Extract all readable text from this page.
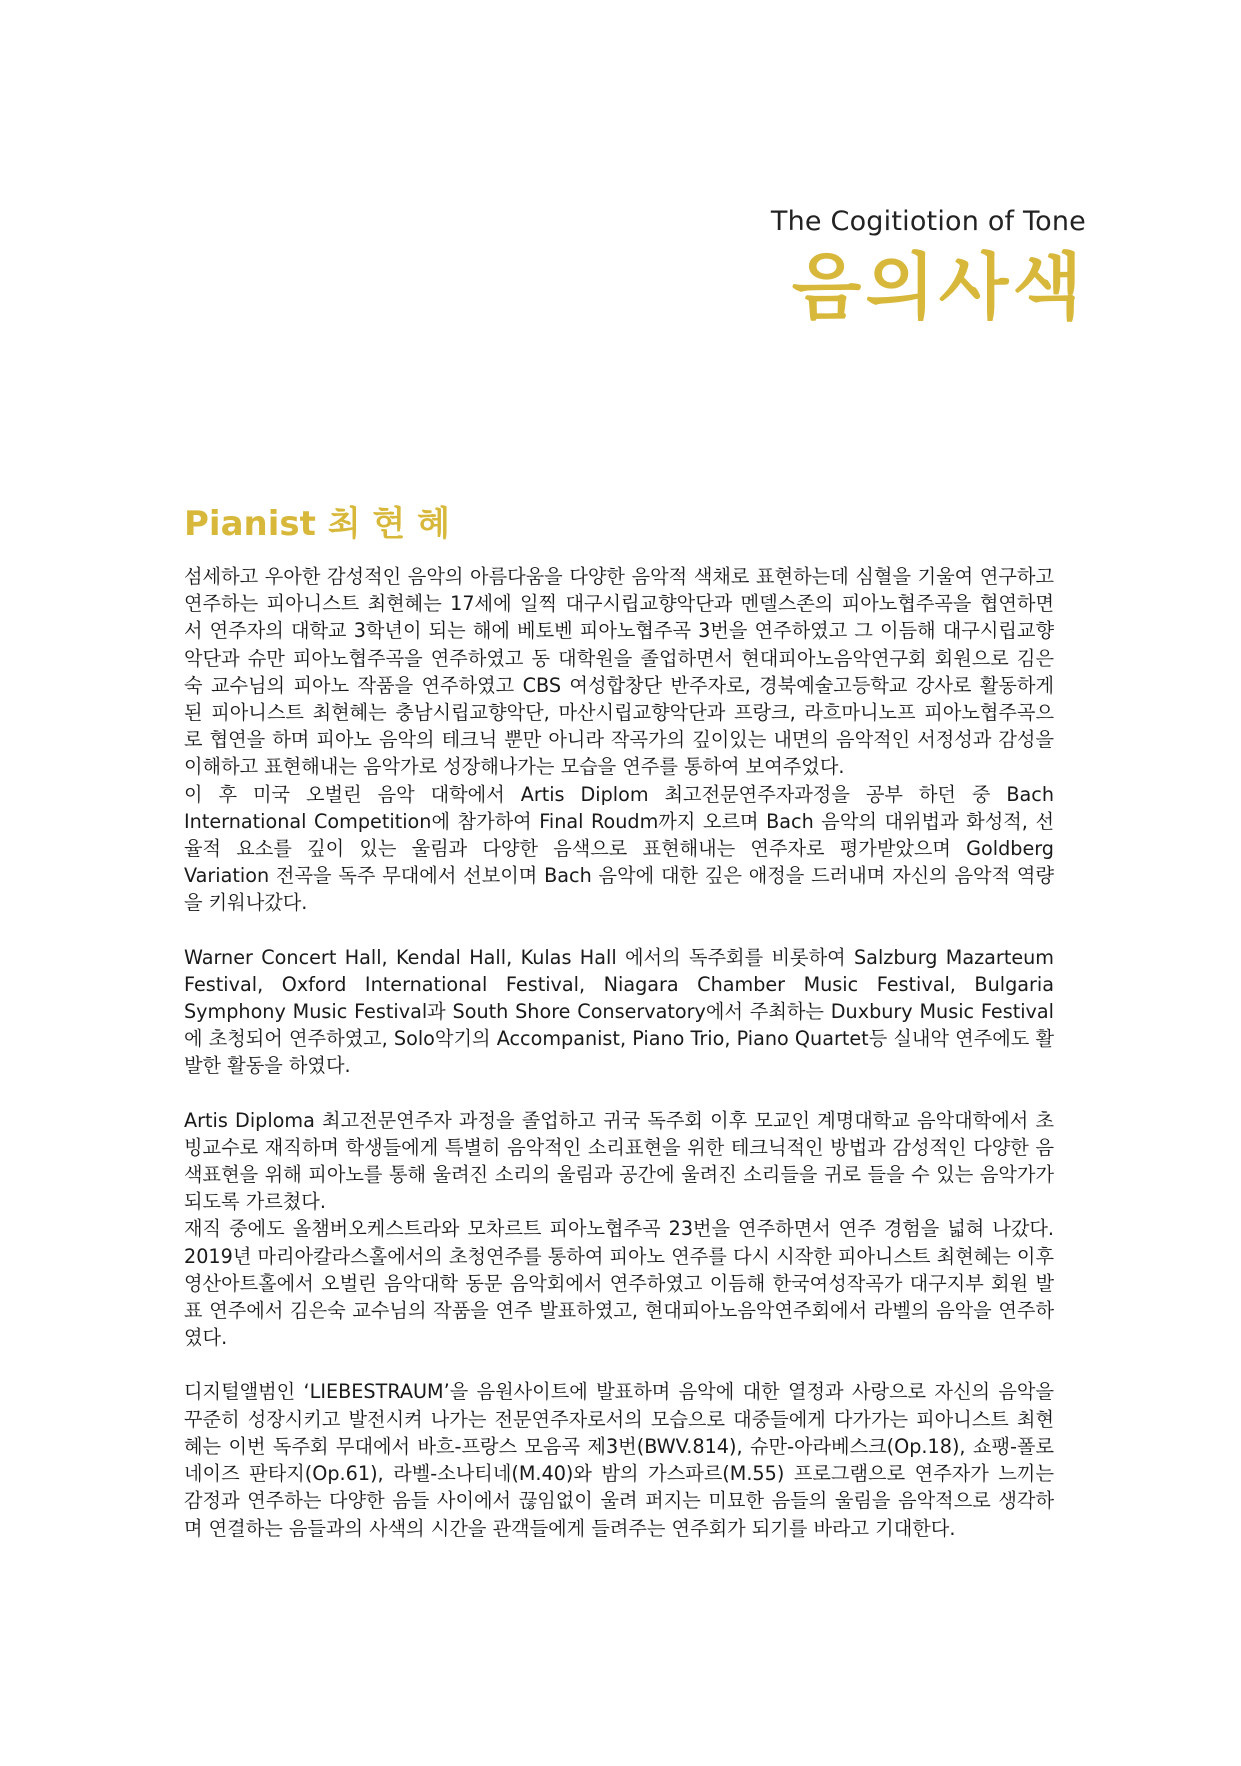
The Cogitiotion of Tone
음의사색
Pianist 최 현 혜

섬세하고 우아한 감성적인 음악의 아름다움을 다양한 음악적 색채로 표현하는데 심혈을 기울여 연구하고 연주하는 피아니스트 최현혜는 17세에 일찍 대구시립교향악단과 멘델스존의 피아노협주곡을 협연하면서 연주자의 대학교 3학년이 되는 해에 베토벤 피아노협주곡 3번을 연주하였고 그 이듬해 대구시립교향악단과 슈만 피아노협주곡을 연주하였고 동 대학원을 졸업하면서 현대피아노음악연구회 회원으로 김은숙 교수님의 피아노 작품을 연주하였고 CBS 여성합창단 반주자로, 경북예술고등학교 강사로 활동하게 된 피아니스트 최현혜는 충남시립교향악단, 마산시립교향악단과 프랑크, 라흐마니노프 피아노협주곡으로 협연을 하며 피아노 음악의 테크닉 뿐만 아니라 작곡가의 깊이있는 내면의 음악적인 서정성과 감성을 이해하고 표현해내는 음악가로 성장해나가는 모습을 연주를 통하여 보여주었다.

이 후 미국 오벌린 음악 대학에서 Artis Diplom 최고전문연주자과정을 공부 하던 중 Bach International Competition에 참가하여 Final Roudm까지 오르며 Bach 음악의 대위법과 화성적, 선율적 요소를 깊이 있는 울림과 다양한 음색으로 표현해내는 연주자로 평가받았으며 Goldberg Variation 전곡을 독주 무대에서 선보이며 Bach 음악에 대한 깊은 애정을 드러내며 자신의 음악적 역량을 키워나갔다.

Warner Concert Hall, Kendal Hall, Kulas Hall 에서의 독주회를 비롯하여 Salzburg Mazarteum Festival, Oxford International Festival, Niagara Chamber Music Festival, Bulgaria Symphony Music Festival과 South Shore Conservatory에서 주최하는 Duxbury Music Festival에 초청되어 연주하였고, Solo악기의 Accompanist, Piano Trio, Piano Quartet등 실내악 연주에도 활발한 활동을 하였다.

Artis Diploma 최고전문연주자 과정을 졸업하고 귀국 독주회 이후 모교인 계명대학교 음악대학에서 초빙교수로 재직하며 학생들에게 특별히 음악적인 소리표현을 위한 테크닉적인 방법과 감성적인 다양한 음색표현을 위해 피아노를 통해 울려진 소리의 울림과 공간에 울려진 소리들을 귀로 들을 수 있는 음악가가 되도록 가르쳤다.

재직 중에도 올챔버오케스트라와 모차르트 피아노협주곡 23번을 연주하면서 연주 경험을 넓혀 나갔다. 2019년 마리아칼라스홀에서의 초청연주를 통하여 피아노 연주를 다시 시작한 피아니스트 최현혜는 이후 영산아트홀에서 오벌린 음악대학 동문 음악회에서 연주하였고 이듬해 한국여성작곡가 대구지부 회원 발표 연주에서 김은숙 교수님의 작품을 연주 발표하였고, 현대피아노음악연주회에서 라벨의 음악을 연주하였다.

디지털앨범인 ‘LIEBESTRAUM’을 음원사이트에 발표하며 음악에 대한 열정과 사랑으로 자신의 음악을 꾸준히 성장시키고 발전시켜 나가는 전문연주자로서의 모습으로 대중들에게 다가가는 피아니스트 최현혜는 이번 독주회 무대에서 바흐-프랑스 모음곡 제3번(BWV.814), 슈만-아라베스크(Op.18), 쇼팽-폴로네이즈 판타지(Op.61), 라벨-소나티네(M.40)와 밤의 가스파르(M.55) 프로그램으로 연주자가 느끼는 감정과 연주하는 다양한 음들 사이에서 끊임없이 울려 퍼지는 미묘한 음들의 울림을 음악적으로 생각하며 연결하는 음들과의 사색의 시간을 관객들에게 들려주는 연주회가 되기를 바라고 기대한다.
